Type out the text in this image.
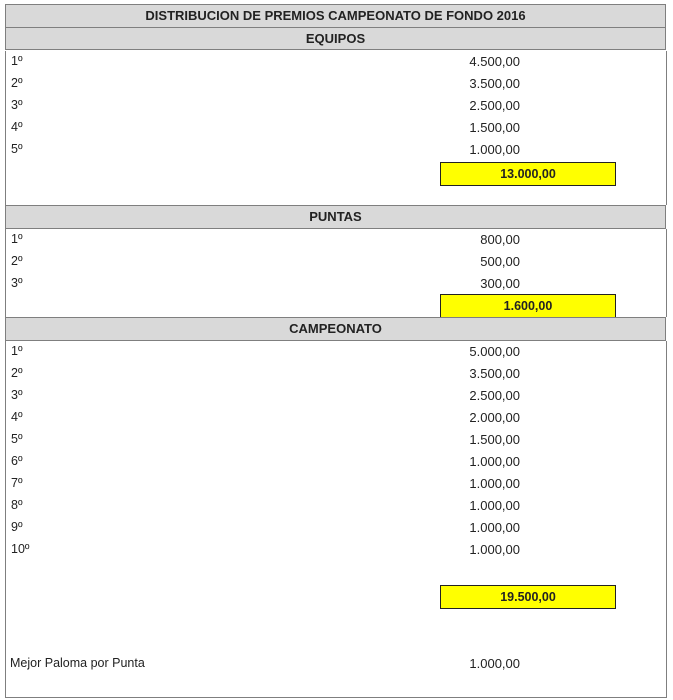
DISTRIBUCION DE PREMIOS CAMPEONATO DE FONDO 2016
EQUIPOS
1º	4.500,00
2º	3.500,00
3º	2.500,00
4º	1.500,00
5º	1.000,00
13.000,00
PUNTAS
1º	800,00
2º	500,00
3º	300,00
1.600,00
CAMPEONATO
1º	5.000,00
2º	3.500,00
3º	2.500,00
4º	2.000,00
5º	1.500,00
6º	1.000,00
7º	1.000,00
8º	1.000,00
9º	1.000,00
10º	1.000,00
19.500,00
Mejor Paloma por Punta	1.000,00
